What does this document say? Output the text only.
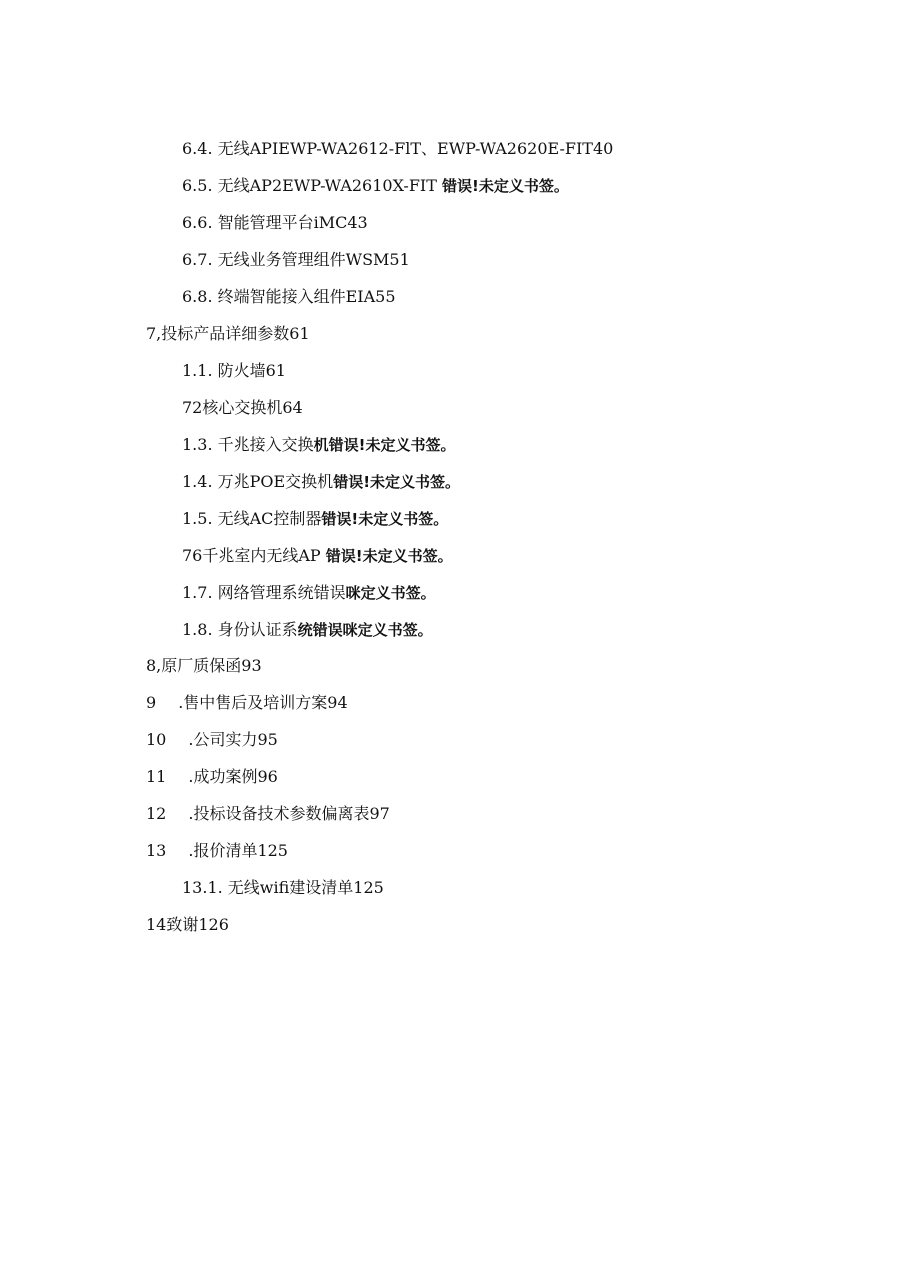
6.4. 无线APIEWP-WA2612-FlT、EWP-WA2620E-FIT40
6.5. 无线AP2EWP-WA2610X-FIT 错误!未定义书签。
6.6. 智能管理平台iMC43
6.7. 无线业务管理组件WSM51
6.8. 终端智能接入组件EIA55
7,投标产品详细参数61
1.1. 防火墙61
72核心交换机64
1.3. 千兆接入交换机错误!未定义书签。
1.4. 万兆POE交换机错误!未定义书签。
1.5. 无线AC控制器错误!未定义书签。
76千兆室内无线AP 错误!未定义书签。
1.7. 网络管理系统错误咪定义书签。
1.8. 身份认证系统错误咪定义书签。
8,原厂质保函93
9 .售中售后及培训方案94
10 .公司实力95
11 .成功案例96
12 .投标设备技术参数偏离表97
13 .报价清单125
13.1. 无线wifi建设清单125
14致谢126
